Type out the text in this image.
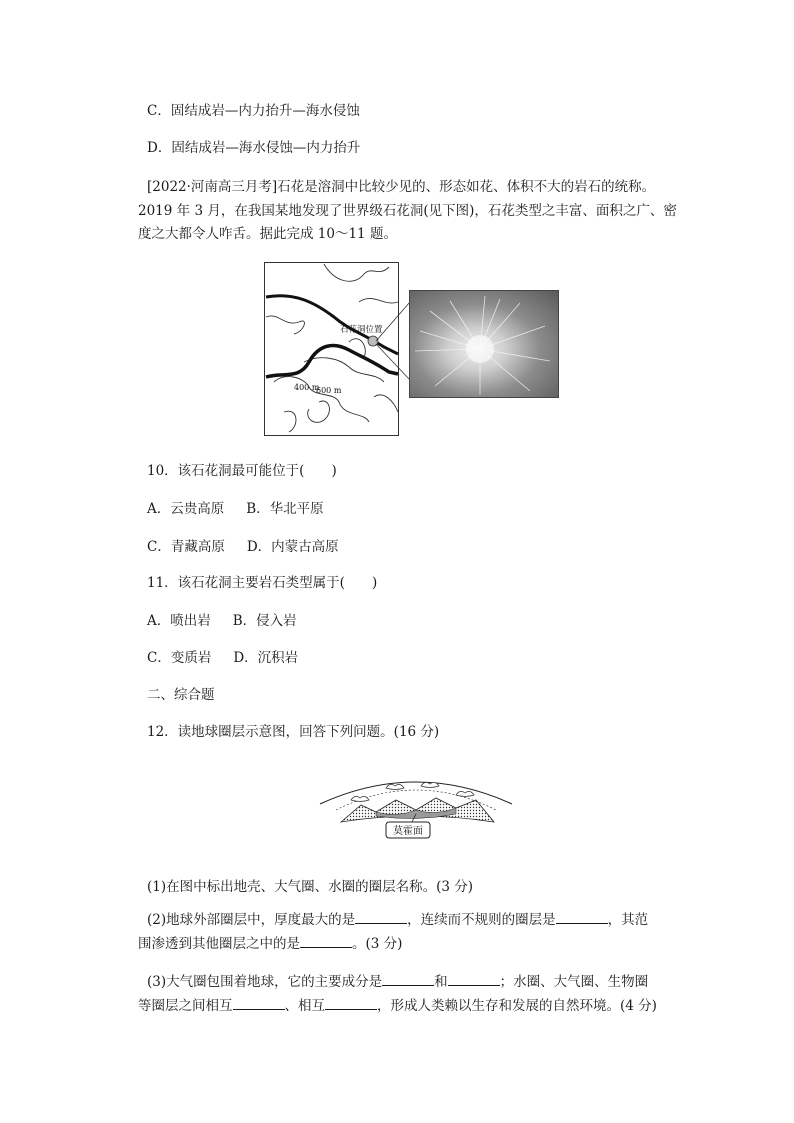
C．固结成岩—内力抬升—海水侵蚀
D．固结成岩—海水侵蚀—内力抬升
[2022·河南高三月考]石花是溶洞中比较少见的、形态如花、体积不大的岩石的统称。
2019 年 3 月，在我国某地发现了世界级石花洞(见下图)，石花类型之丰富、面积之广、密
度之大都令人咋舌。据此完成 10～11 题。
石花洞位置
400 m
600 m
10．该石花洞最可能位于(　　)
A．云贵高原 B．华北平原
C．青藏高原 D．内蒙古高原
11．该石花洞主要岩石类型属于(　　)
A．喷出岩 B．侵入岩
C．变质岩 D．沉积岩
二、综合题
12．读地球圈层示意图，回答下列问题。(16 分)
莫霍面
(1)在图中标出地壳、大气圈、水圈的圈层名称。(3 分)
(2)地球外部圈层中，厚度最大的是	，连续而不规则的圈层是	，其范
围渗透到其他圈层之中的是	。(3 分)
(3)大气圈包围着地球，它的主要成分是	和	；水圈、大气圈、生物圈
等圈层之间相互	、相互	，形成人类赖以生存和发展的自然环境。(4 分)
